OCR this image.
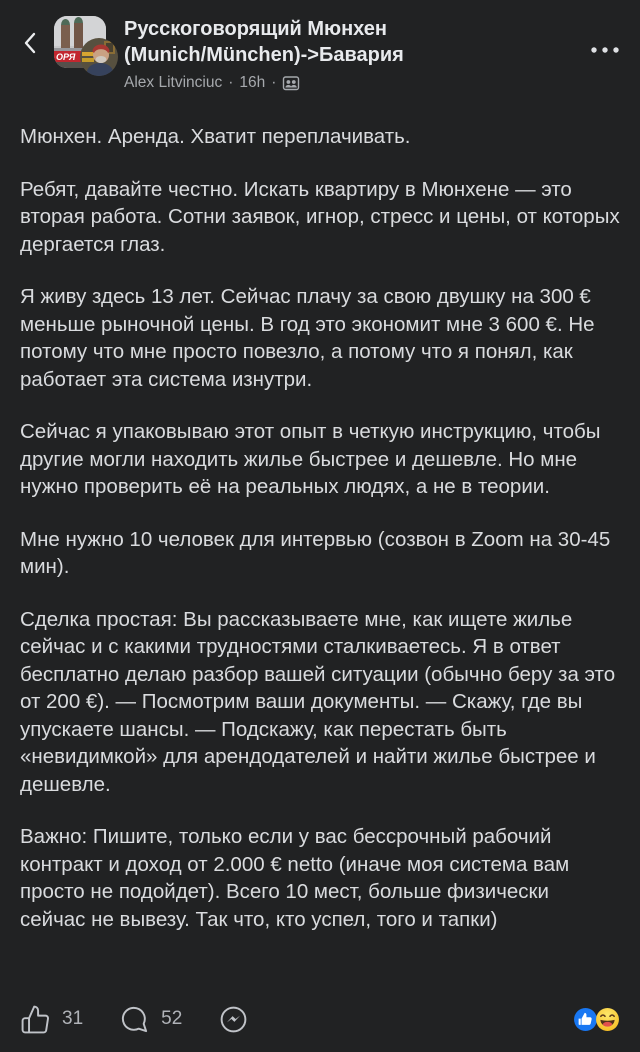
ОРЯ
Русскоговорящий Мюнхен (Munich/München)->Бавария
Alex Litvinciuc · 16h ·

Мюнхен. Аренда. Хватит переплачивать.

Ребят, давайте честно. Искать квартиру в Мюнхене — это вторая работа. Сотни заявок, игнор, стресс и цены, от которых дергается глаз.

Я живу здесь 13 лет. Сейчас плачу за свою двушку на 300 € меньше рыночной цены. В год это экономит мне 3 600 €. Не потому что мне просто повезло, а потому что я понял, как работает эта система изнутри.

Сейчас я упаковываю этот опыт в четкую инструкцию, чтобы другие могли находить жилье быстрее и дешевле. Но мне нужно проверить её на реальных людях, а не в теории.

Мне нужно 10 человек для интервью (созвон в Zoom на 30-45 мин).

Сделка простая: Вы рассказываете мне, как ищете жилье сейчас и с какими трудностями сталкиваетесь. Я в ответ бесплатно делаю разбор вашей ситуации (обычно беру за это от 200 €). — Посмотрим ваши документы. — Скажу, где вы упускаете шансы. — Подскажу, как перестать быть «невидимкой» для арендодателей и найти жилье быстрее и дешевле.

Важно: Пишите, только если у вас бессрочный рабочий контракт и доход от 2.000 € netto (иначе моя система вам просто не подойдет). Всего 10 мест, больше физически сейчас не вывезу. Так что, кто успел, того и тапки)

31	52
